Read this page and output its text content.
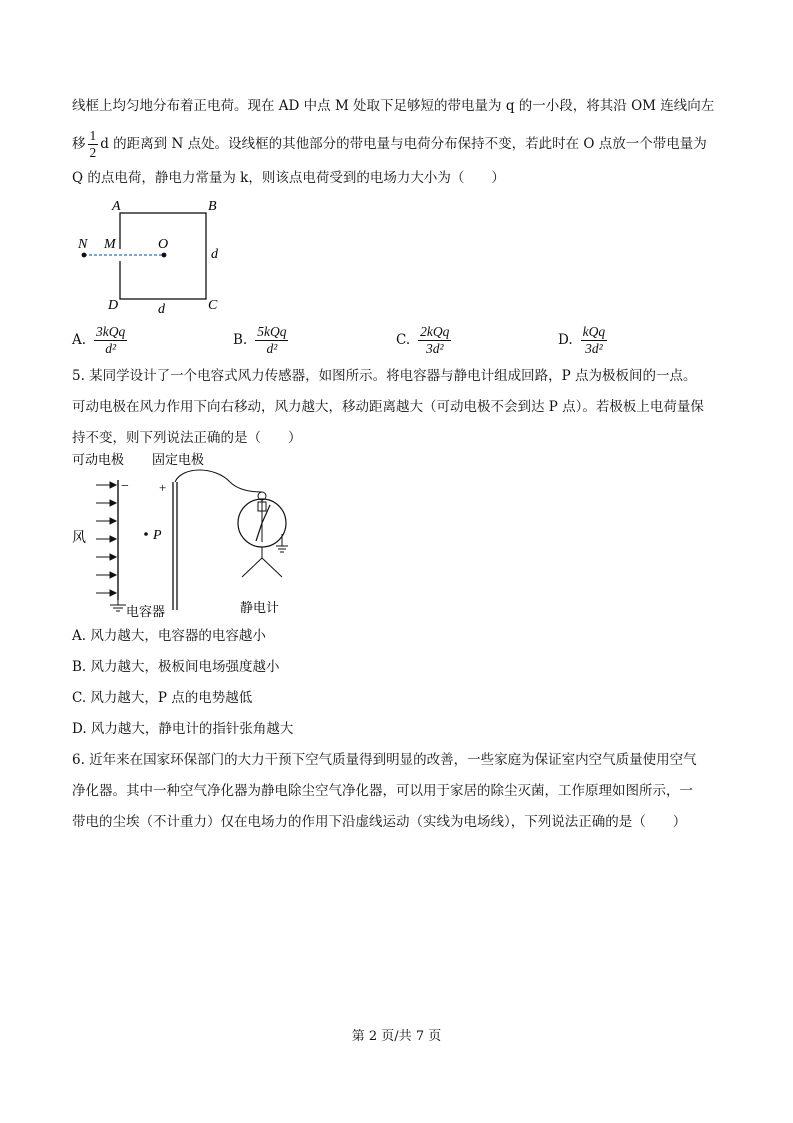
线框上均匀地分布着正电荷。现在 AD 中点 M 处取下足够短的带电量为 q 的一小段，将其沿 OM 连线向左
移 $\frac{1}{2}$ d 的距离到 N 点处。设线框的其他部分的带电量与电荷分布保持不变，若此时在 O 点放一个带电量为
Q 的点电荷，静电力常量为 k，则该点电荷受到的电场力大小为（　　）
A	B
C
D
N M	O
d
d
A. $\frac{\text{3kQq}}{\text{d²}}$	B. $\frac{\text{5kQq}}{\text{d²}}$	C. $\frac{\text{2kQq}}{\text{3d²}}$	D. $\frac{\text{kQq}}{\text{3d²}}$
5. 某同学设计了一个电容式风力传感器，如图所示。将电容器与静电计组成回路，P 点为极板间的一点。
可动电极在风力作用下向右移动，风力越大，移动距离越大（可动电极不会到达 P 点）。若极板上电荷量保
持不变，则下列说法正确的是（　　）
可动电极 固定电极
− +
风	P
电容器	静电计
A. 风力越大，电容器的电容越小
B. 风力越大，极板间电场强度越小
C. 风力越大，P 点的电势越低
D. 风力越大，静电计的指针张角越大
6. 近年来在国家环保部门的大力干预下空气质量得到明显的改善，一些家庭为保证室内空气质量使用空气
净化器。其中一种空气净化器为静电除尘空气净化器，可以用于家居的除尘灭菌，工作原理如图所示，一
带电的尘埃（不计重力）仅在电场力的作用下沿虚线运动（实线为电场线），下列说法正确的是（　　）
第 2 页/共 7 页
